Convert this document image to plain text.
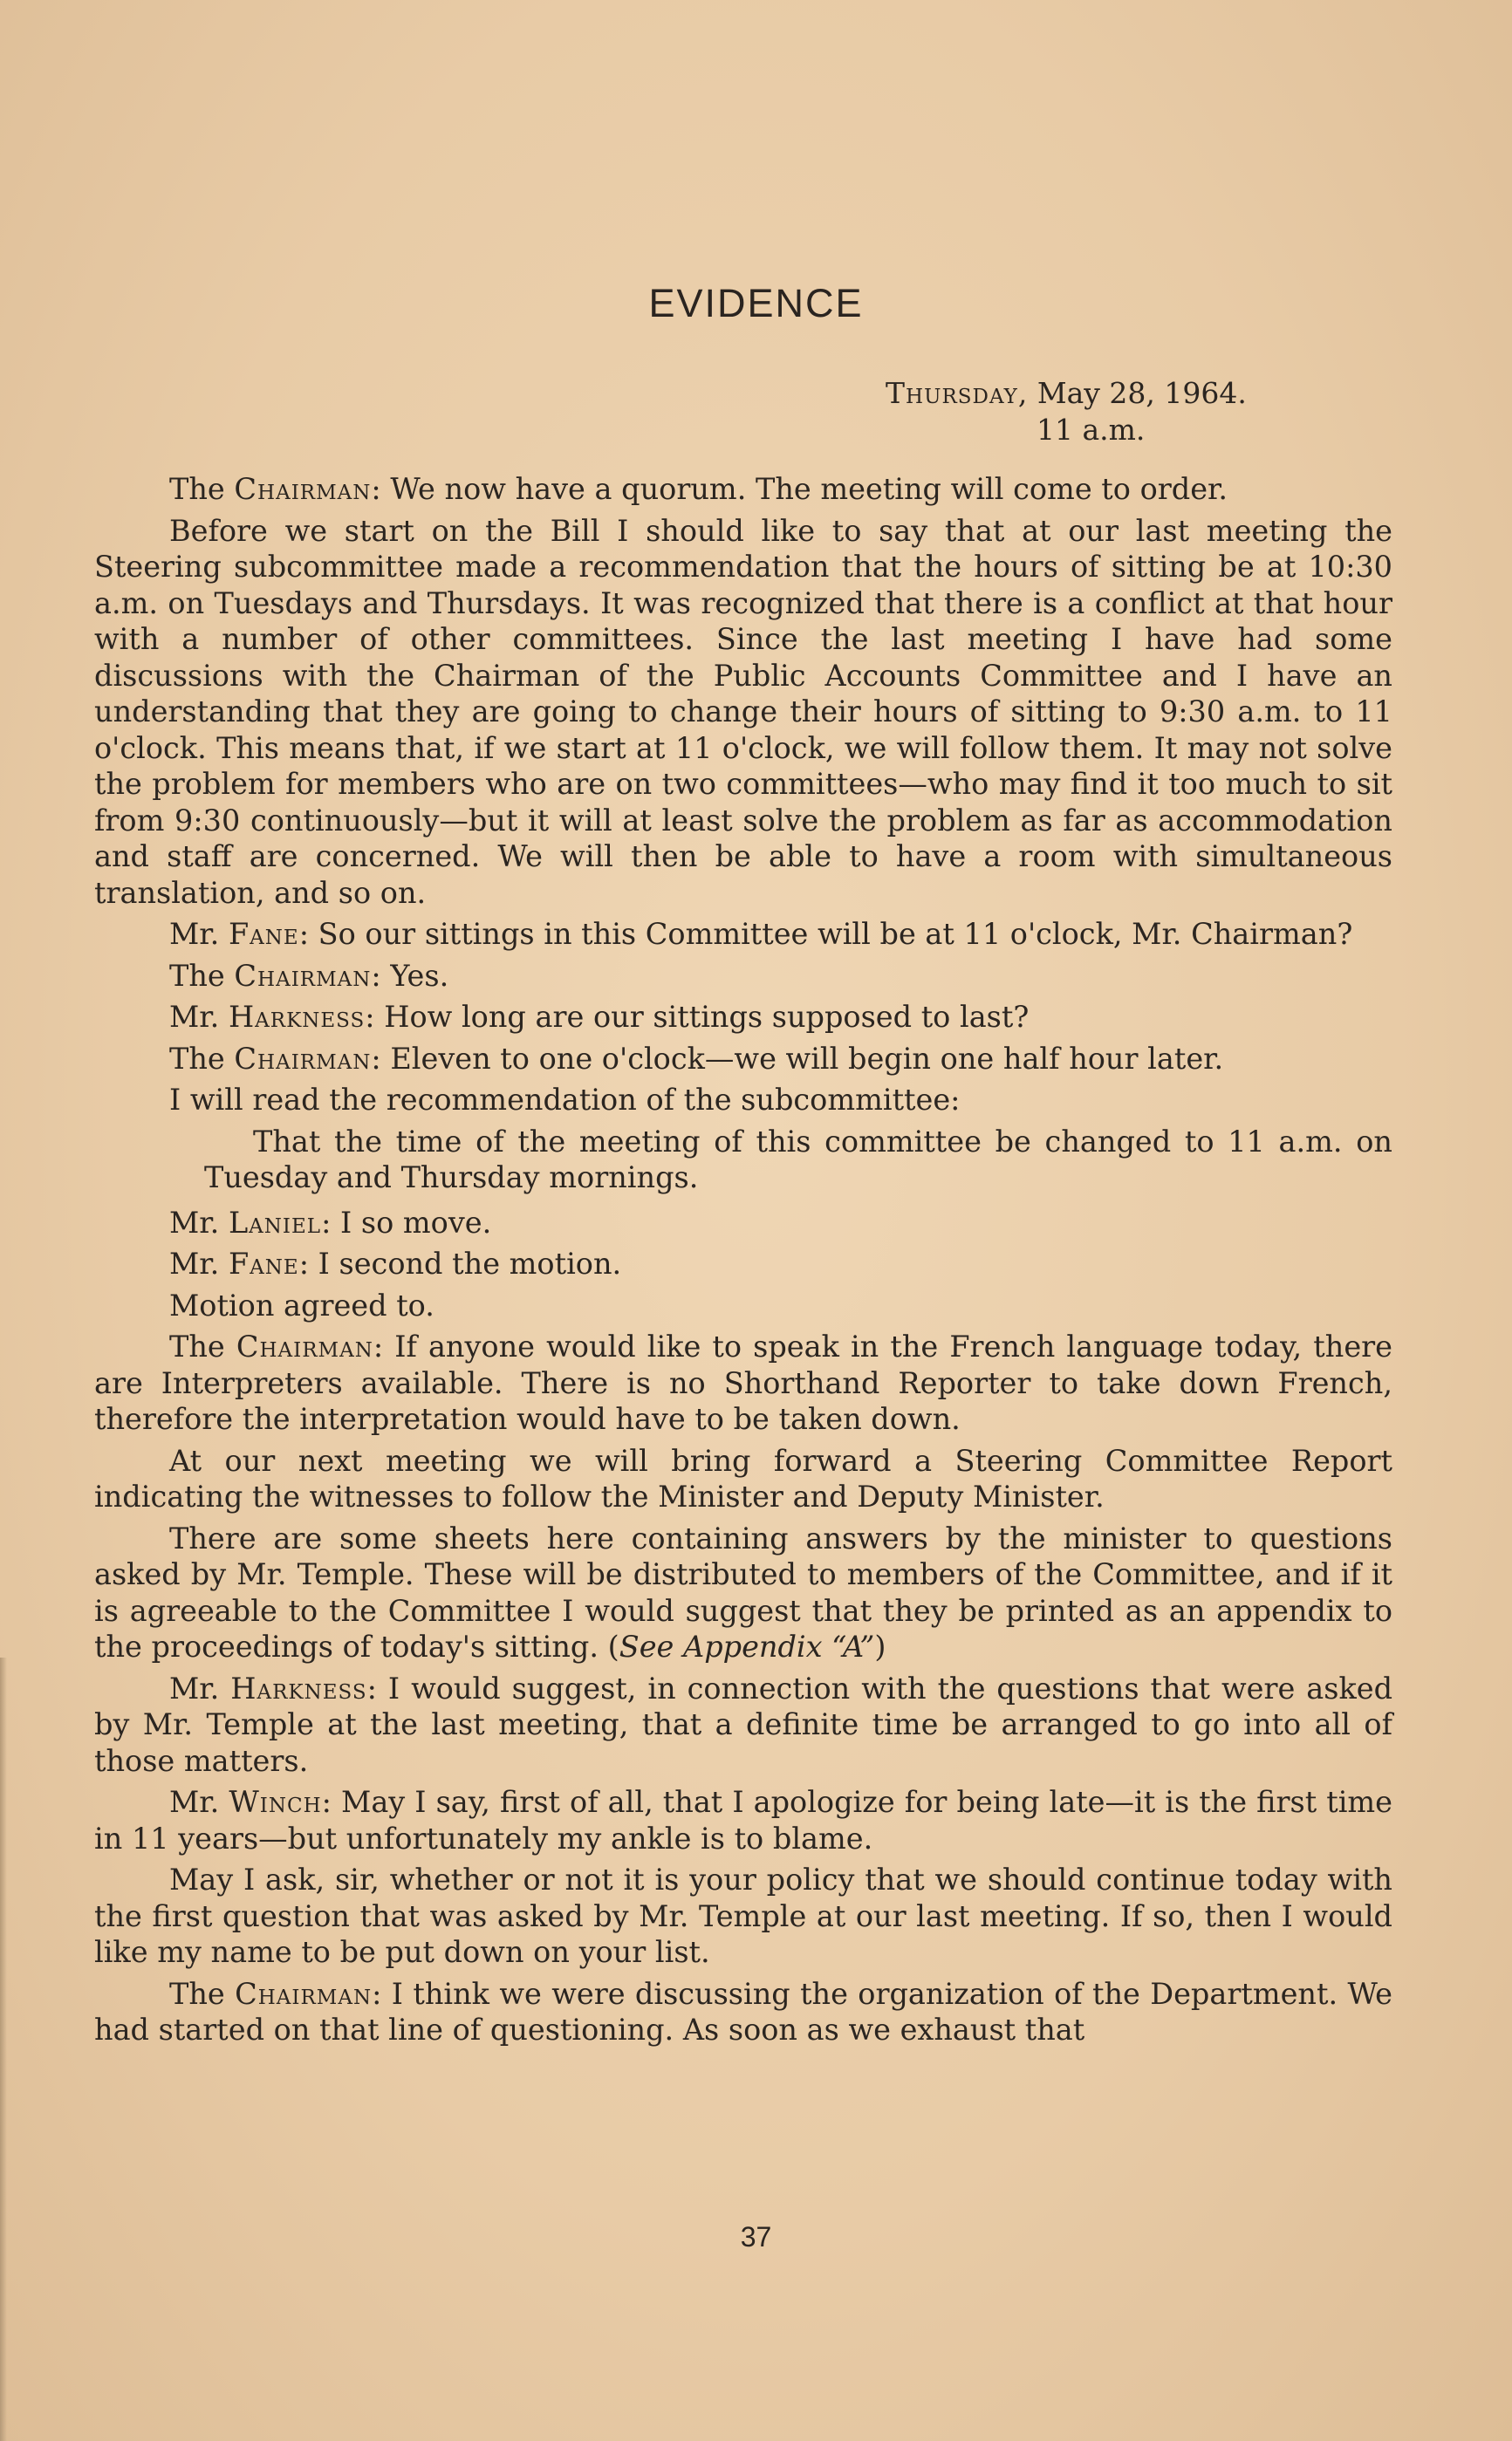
EVIDENCE
Thursday, May 28, 1964.
11 a.m.

The Chairman: We now have a quorum. The meeting will come to order.

Before we start on the Bill I should like to say that at our last meeting the Steering subcommittee made a recommendation that the hours of sitting be at 10:30 a.m. on Tuesdays and Thursdays. It was recognized that there is a conflict at that hour with a number of other committees. Since the last meeting I have had some discussions with the Chairman of the Public Accounts Committee and I have an understanding that they are going to change their hours of sitting to 9:30 a.m. to 11 o'clock. This means that, if we start at 11 o'clock, we will follow them. It may not solve the problem for members who are on two committees—who may find it too much to sit from 9:30 continuously—but it will at least solve the problem as far as accommodation and staff are concerned. We will then be able to have a room with simultaneous translation, and so on.

Mr. Fane: So our sittings in this Committee will be at 11 o'clock, Mr. Chairman?

The Chairman: Yes.

Mr. Harkness: How long are our sittings supposed to last?

The Chairman: Eleven to one o'clock—we will begin one half hour later.

I will read the recommendation of the subcommittee:

That the time of the meeting of this committee be changed to 11 a.m. on Tuesday and Thursday mornings.

Mr. Laniel: I so move.

Mr. Fane: I second the motion.

Motion agreed to.

The Chairman: If anyone would like to speak in the French language today, there are Interpreters available. There is no Shorthand Reporter to take down French, therefore the interpretation would have to be taken down.

At our next meeting we will bring forward a Steering Committee Report indicating the witnesses to follow the Minister and Deputy Minister.

There are some sheets here containing answers by the minister to questions asked by Mr. Temple. These will be distributed to members of the Committee, and if it is agreeable to the Committee I would suggest that they be printed as an appendix to the proceedings of today's sitting. (See Appendix “A”)

Mr. Harkness: I would suggest, in connection with the questions that were asked by Mr. Temple at the last meeting, that a definite time be arranged to go into all of those matters.

Mr. Winch: May I say, first of all, that I apologize for being late—it is the first time in 11 years—but unfortunately my ankle is to blame.

May I ask, sir, whether or not it is your policy that we should continue today with the first question that was asked by Mr. Temple at our last meeting. If so, then I would like my name to be put down on your list.

The Chairman: I think we were discussing the organization of the Department. We had started on that line of questioning. As soon as we exhaust that

37
